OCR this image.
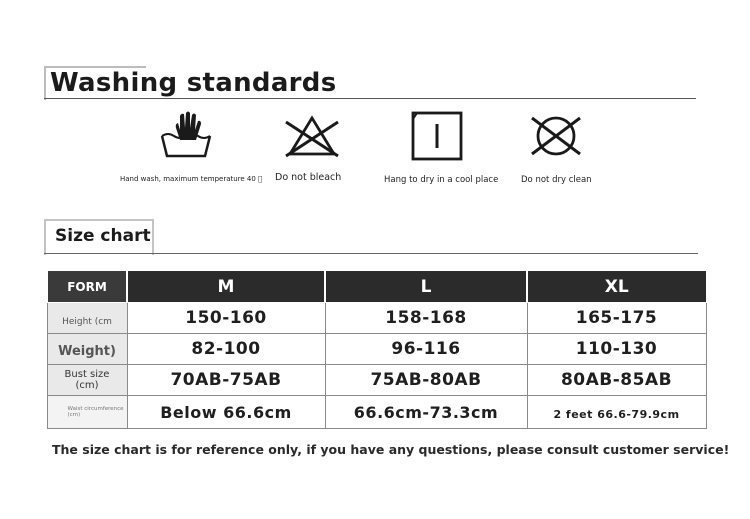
Washing standards
Hand wash, maximum temperature 40   Do not bleach	Hang to dry in a cool place	Do not dry clean
Size chart
FORM	M	L	XL
Height (cm	150-160	158-168	165-175
Weight)	82-100	96-116	110-130

Bust size
(cm)	70AB-75AB	75AB-80AB	80AB-85AB

Waist circumference
(cm)	Below 66.6cm	66.6cm-73.3cm	2 feet 66.6-79.9cm
The size chart is for reference only, if you have any questions, please consult customer service!
